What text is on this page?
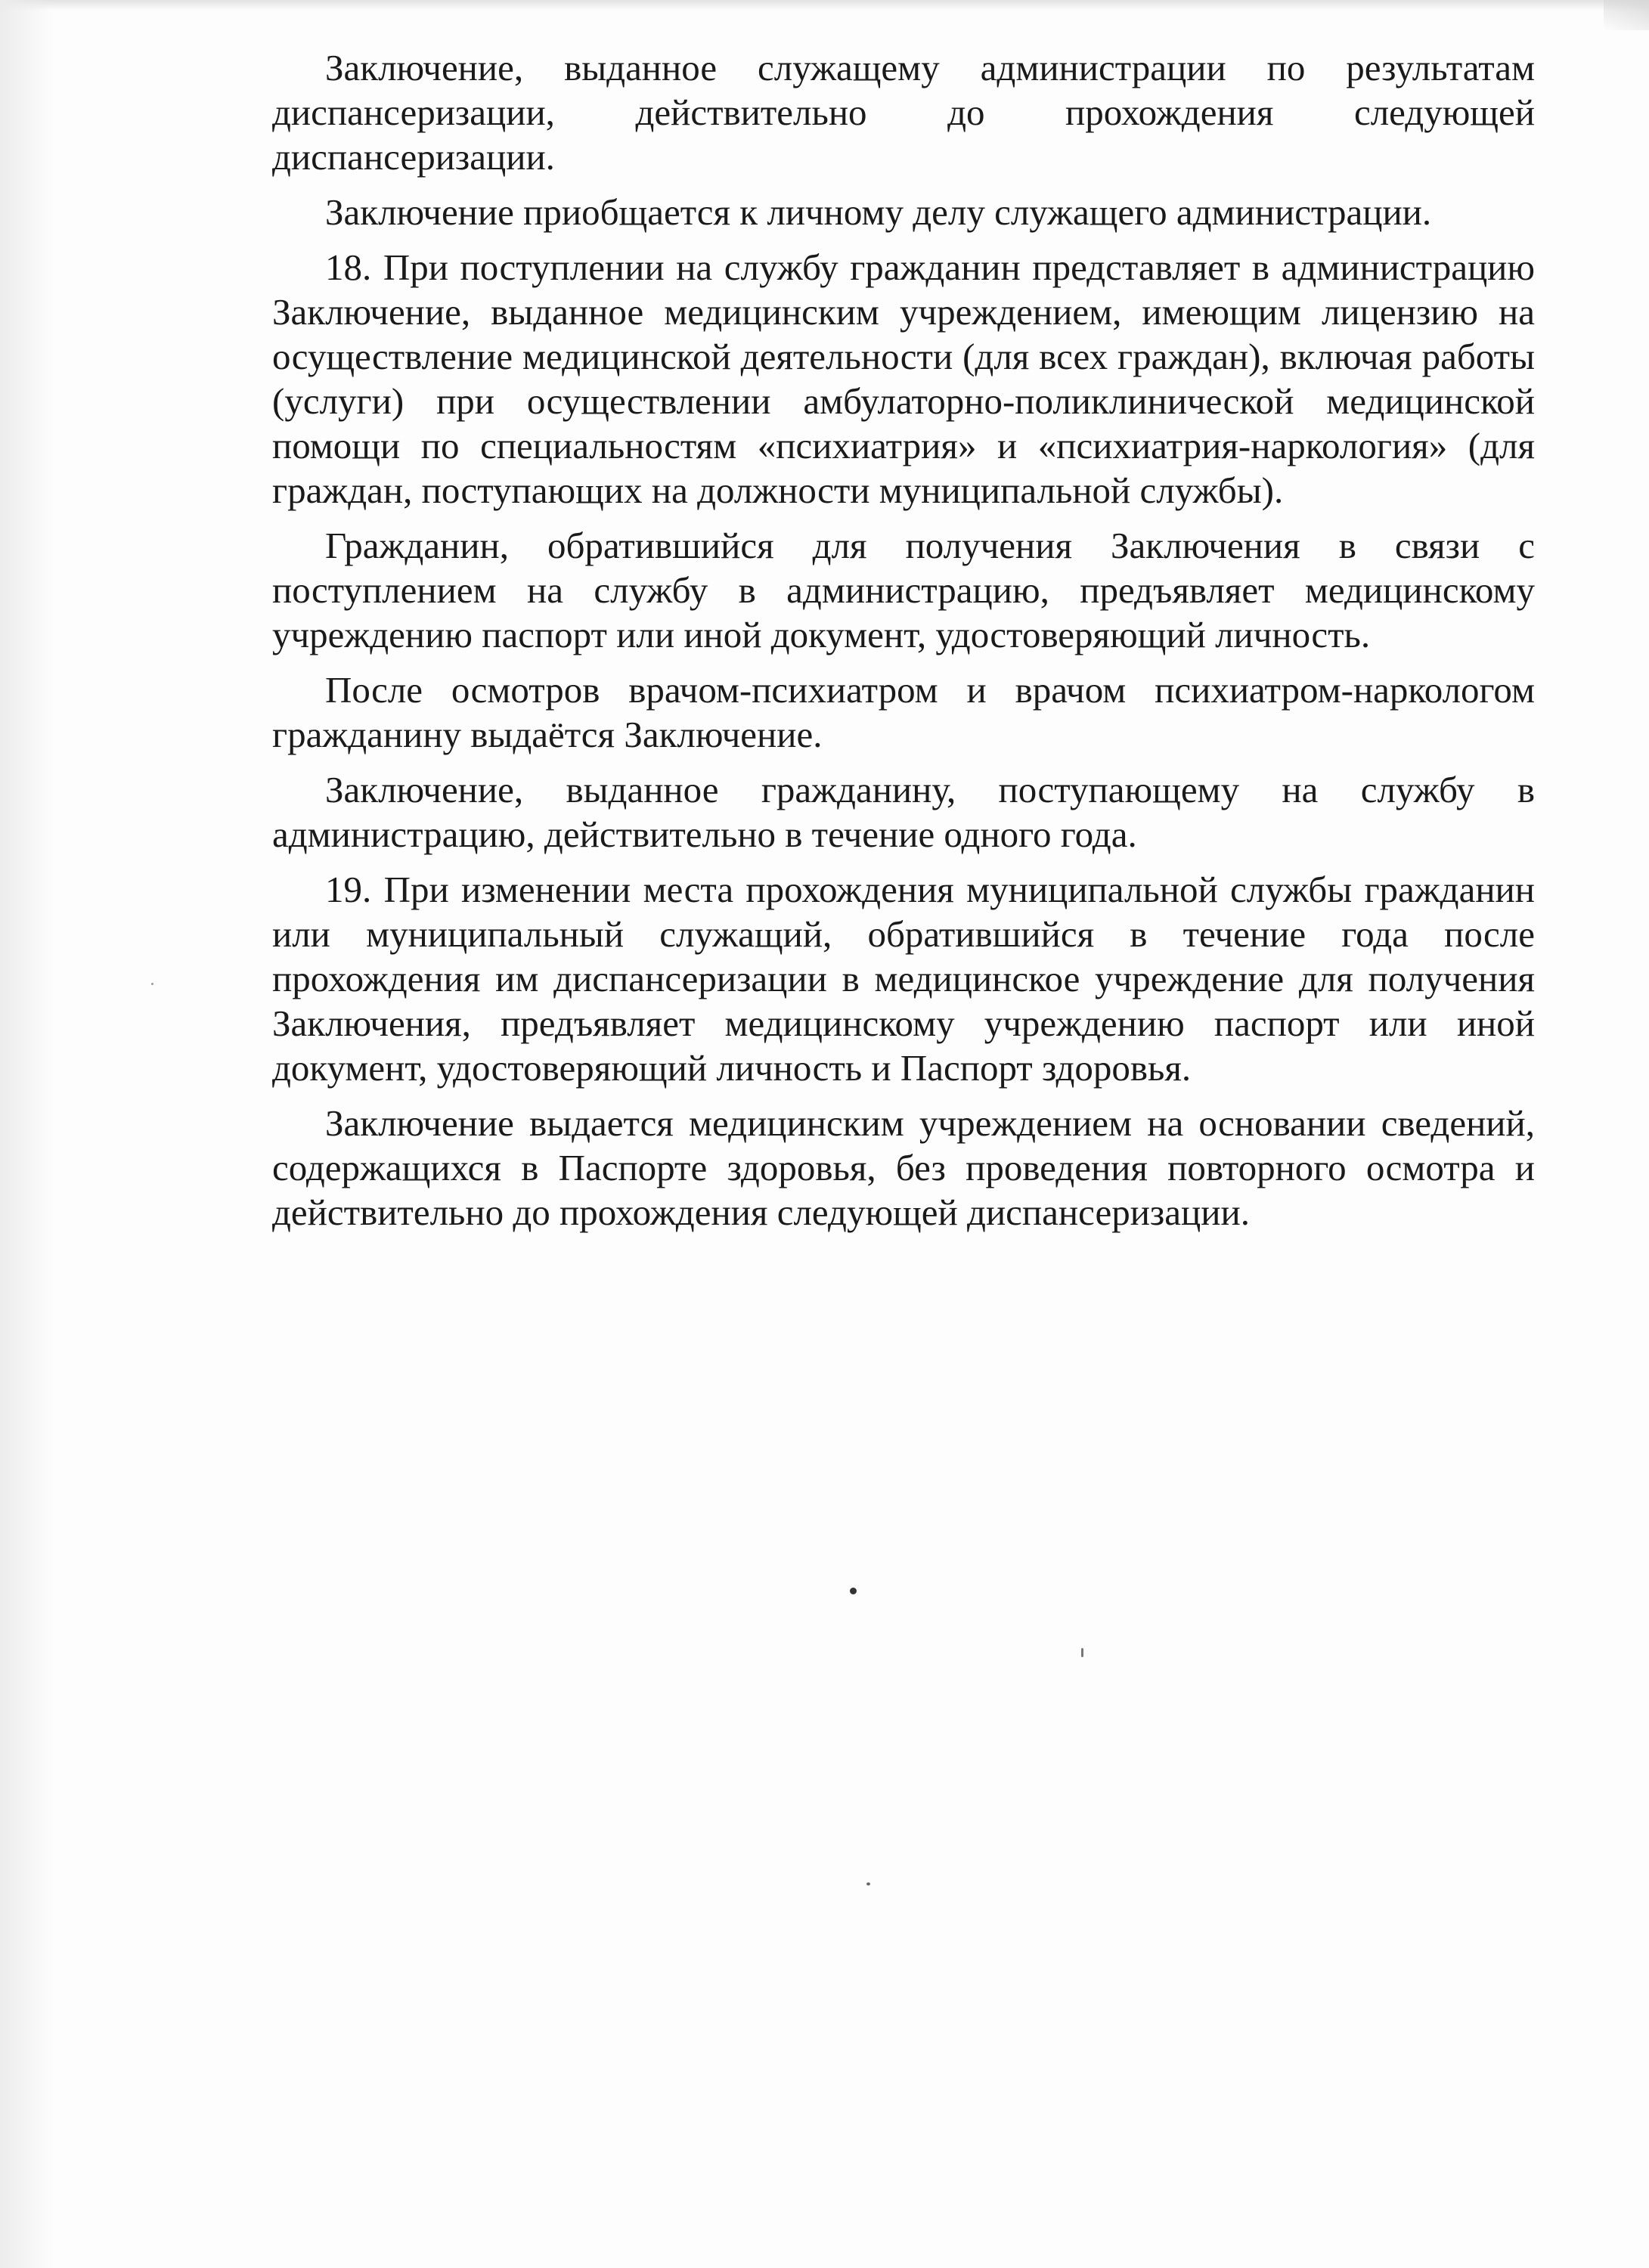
Заключение, выданное служащему администрации по результатам диспансеризации, действительно до прохождения следующей диспансеризации.

Заключение приобщается к личному делу служащего администрации.

18. При поступлении на службу гражданин представляет в администрацию Заключение, выданное медицинским учреждением, имеющим лицензию на осуществление медицинской деятельности (для всех граждан), включая работы (услуги) при осуществлении амбулаторно-поликлинической медицинской помощи по специальностям «психиатрия» и «психиатрия-наркология» (для граждан, поступающих на должности муниципальной службы).

Гражданин, обратившийся для получения Заключения в связи с поступлением на службу в администрацию, предъявляет медицинскому учреждению паспорт или иной документ, удостоверяющий личность.

После осмотров врачом-психиатром и врачом психиатром-наркологом гражданину выдаётся Заключение.

Заключение, выданное гражданину, поступающему на службу в администрацию, действительно в течение одного года.

19. При изменении места прохождения муниципальной службы гражданин или муниципальный служащий, обратившийся в течение года после прохождения им диспансеризации в медицинское учреждение для получения Заключения, предъявляет медицинскому учреждению паспорт или иной документ, удостоверяющий личность и Паспорт здоровья.

Заключение выдается медицинским учреждением на основании сведений, содержащихся в Паспорте здоровья, без проведения повторного осмотра и действительно до прохождения следующей диспансеризации.
